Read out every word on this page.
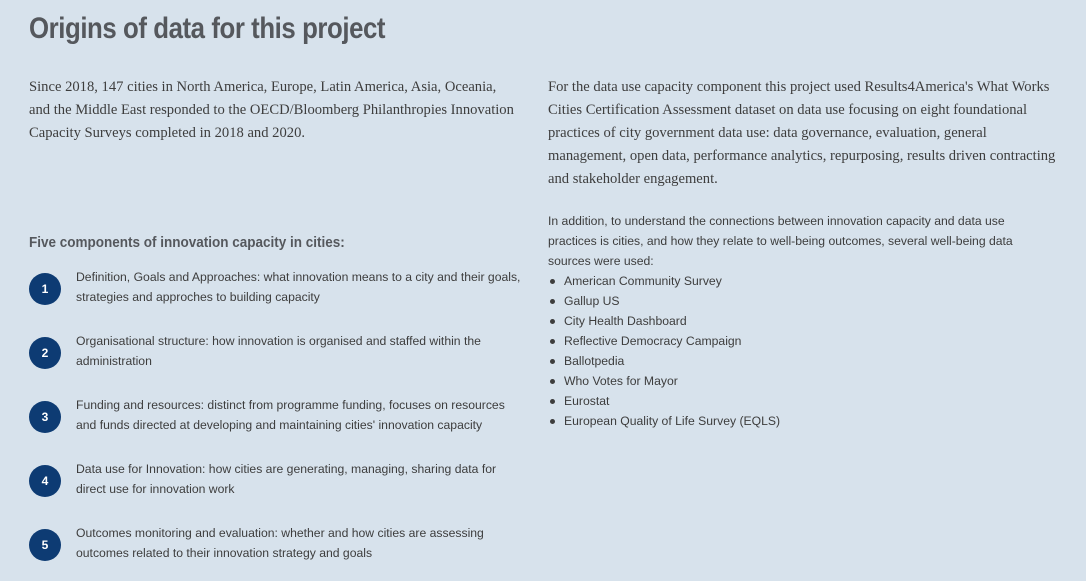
Origins of data for this project

Since 2018, 147 cities in North America, Europe, Latin America, Asia, Oceania, and the Middle East responded to the OECD/Bloomberg Philanthropies Innovation Capacity Surveys completed in 2018 and 2020.

For the data use capacity component this project used Results4America's What Works Cities Certification Assessment dataset on data use focusing on eight foundational practices of city government data use: data governance, evaluation, general management, open data, performance analytics, repurposing, results driven contracting and stakeholder engagement.

Five components of innovation capacity in cities:
1
Definition, Goals and Approaches: what innovation means to a city and their goals, strategies and approches to building capacity
2
Organisational structure: how innovation is organised and staffed within the administration
3
Funding and resources: distinct from programme funding, focuses on resources and funds directed at developing and maintaining cities' innovation capacity
4
Data use for Innovation: how cities are generating, managing, sharing data for direct use for innovation work
5
Outcomes monitoring and evaluation: whether and how cities are assessing outcomes related to their innovation strategy and goals

In addition, to understand the connections between innovation capacity and data use practices is cities, and how they relate to well-being outcomes, several well-being data sources were used:

American Community Survey
Gallup US
City Health Dashboard
Reflective Democracy Campaign
Ballotpedia
Who Votes for Mayor
Eurostat
European Quality of Life Survey (EQLS)
